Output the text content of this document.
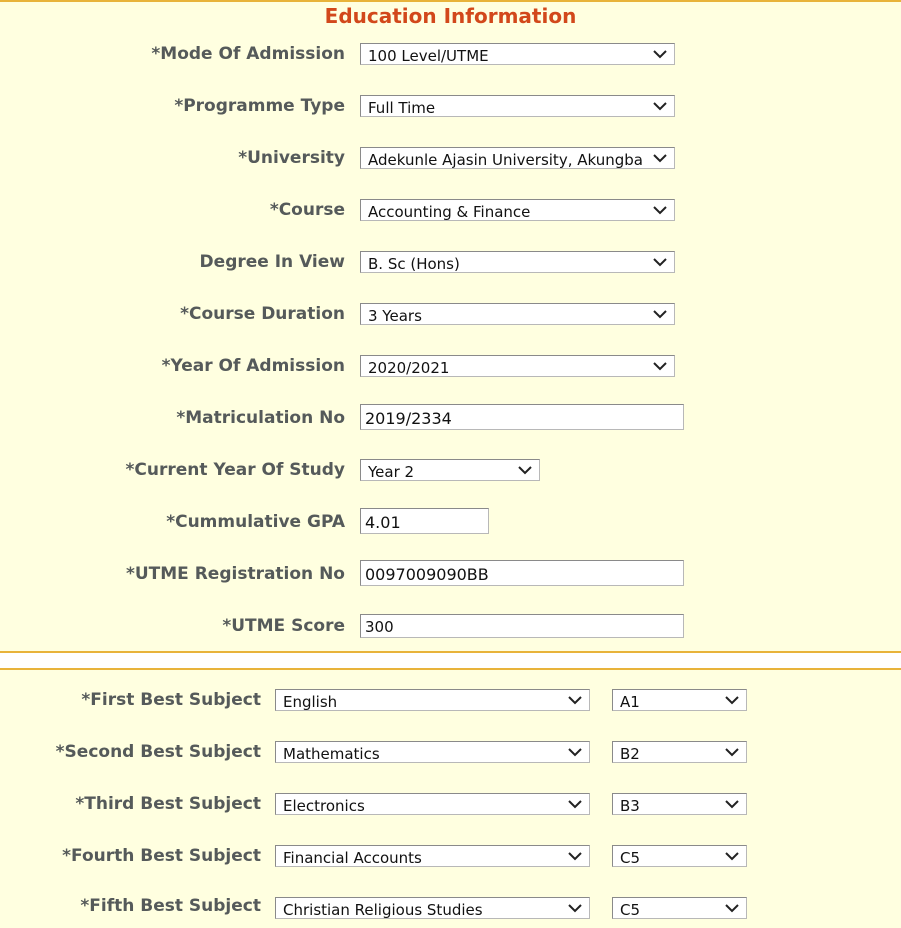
Education Information
*Mode Of Admission	100 Level/UTME
*Programme Type	Full Time
*University	Adekunle Ajasin University, Akungba
*Course	Accounting & Finance
Degree In View	B. Sc (Hons)
*Course Duration	3 Years
*Year Of Admission	2020/2021
*Matriculation No	2019/2334
*Current Year Of Study	Year 2
*Cummulative GPA	4.01
*UTME Registration No	0097009090BB
*UTME Score	300
*First Best Subject	English	A1
*Second Best Subject	Mathematics	B2
*Third Best Subject	Electronics	B3
*Fourth Best Subject	Financial Accounts	C5
*Fifth Best Subject	Christian Religious Studies	C5
